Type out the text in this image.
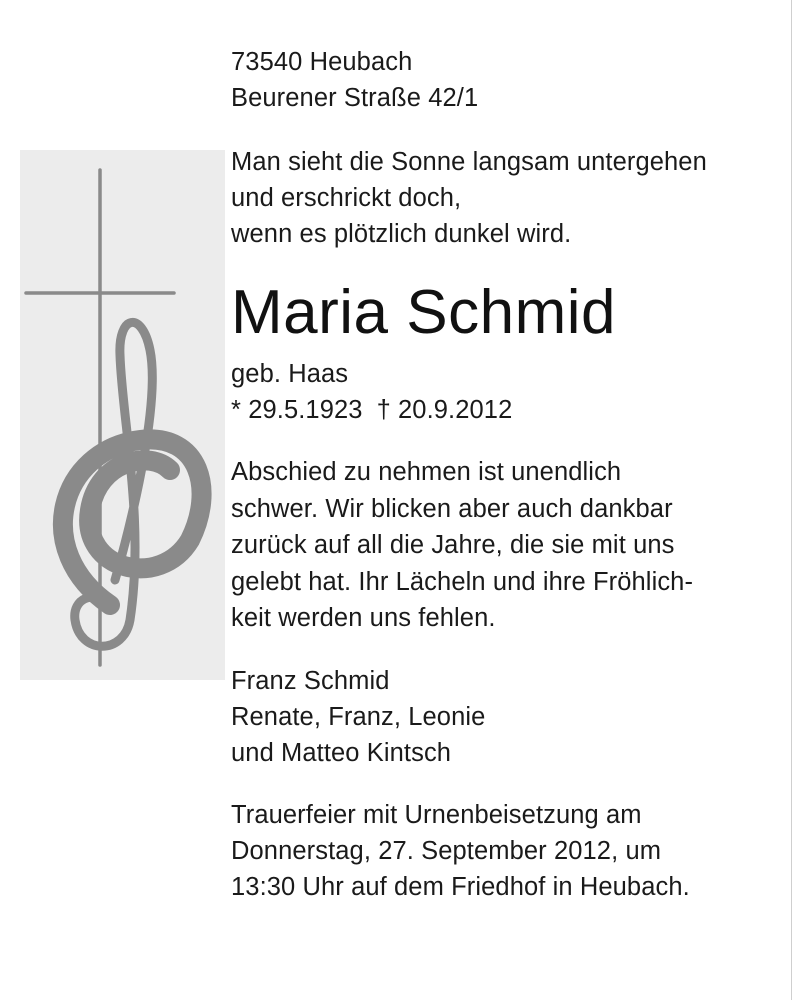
73540 Heubach
Beurener Straße 42/1
Man sieht die Sonne langsam untergehen
und erschrickt doch,
wenn es plötzlich dunkel wird.
Maria Schmid
geb. Haas
* 29.5.1923 † 20.9.2012
Abschied zu nehmen ist unendlich
schwer. Wir blicken aber auch dankbar
zurück auf all die Jahre, die sie mit uns
gelebt hat. Ihr Lächeln und ihre Fröhlich-
keit werden uns fehlen.
Franz Schmid
Renate, Franz, Leonie
und Matteo Kintsch
Trauerfeier mit Urnenbeisetzung am
Donnerstag, 27. September 2012, um
13:30 Uhr auf dem Friedhof in Heubach.
